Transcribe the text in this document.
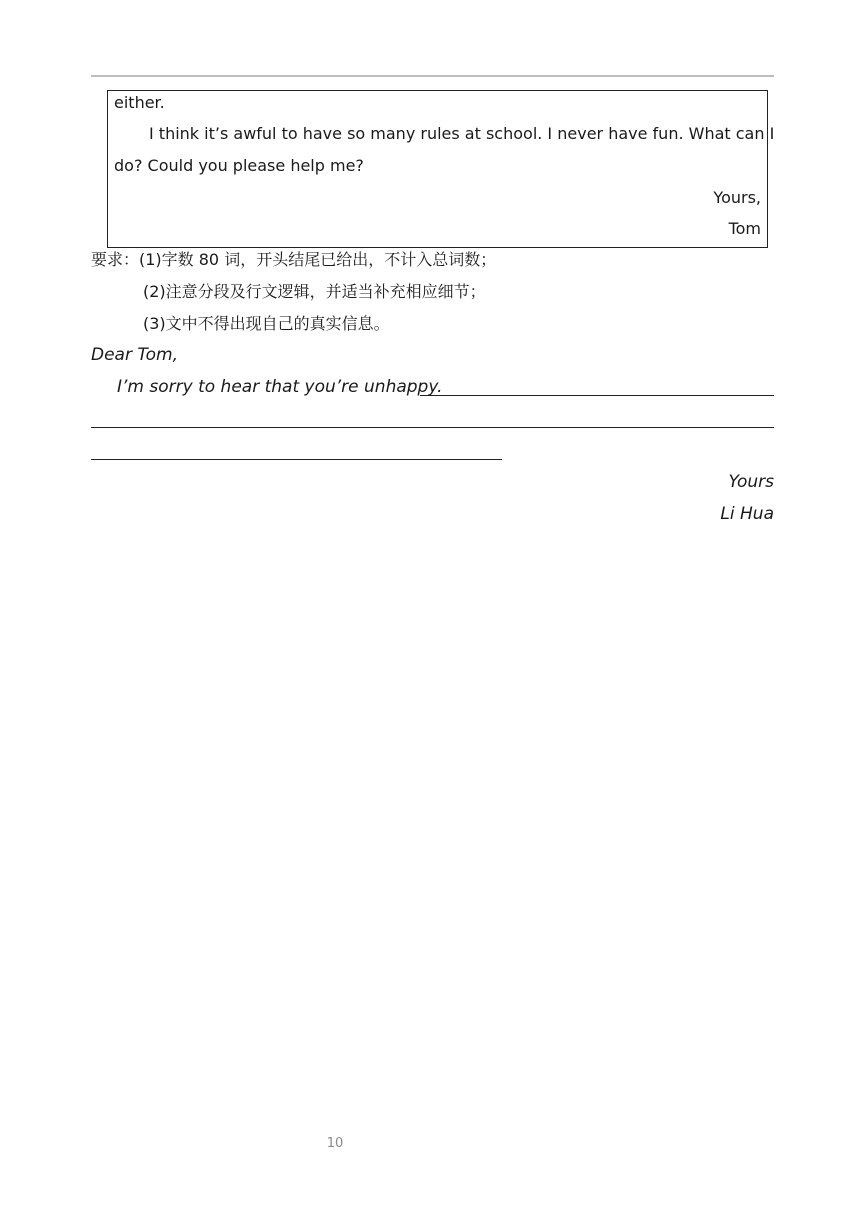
either.
I think it’s awful to have so many rules at school. I never have fun. What can I
do? Could you please help me?
Yours,
Tom
要求：(1)字数 80 词，开头结尾已给出，不计入总词数；
(2)注意分段及行文逻辑，并适当补充相应细节；
(3)文中不得出现自己的真实信息。
Dear Tom,
I’m sorry to hear that you’re unhappy.
Yours
Li Hua
10
